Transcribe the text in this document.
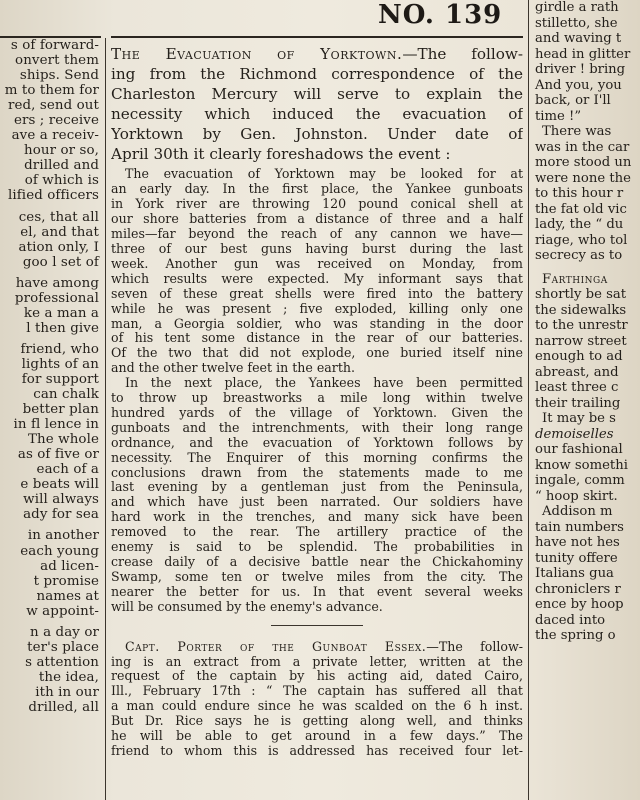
NO. 139
s of forward-
onvert them
ships. Send
m to them for
red, send out
ers ; receive
ave a receiv-
hour or so,
drilled and
of which is
lified officers
ces, that all
el, and that
ation only, I
goo l set of
have among
professional
ke a man a
l then give
friend, who
lights of an
for support
can chalk
better plan
in fl lence in
The whole
as of five or
each of a
e beats will
will always
ady for sea
in another
each young
ad licen-
t promise
names at
w appoint-
n a day or
ter's place
s attention
the idea,
ith in our
drilled, all
The Evacuation of Yorktown.—The follow-
ing from the Richmond correspondence of the
Charleston Mercury will serve to explain the
necessity which induced the evacuation of
Yorktown by Gen. Johnston. Under date of
April 30th it clearly foreshadows the event :
The evacuation of Yorktown may be looked for at
an early day. In the first place, the Yankee gunboats
in York river are throwing 120 pound conical shell at
our shore batteries from a distance of three and a half
miles—far beyond the reach of any cannon we have—
three of our best guns having burst during the last
week. Another gun was received on Monday, from
which results were expected. My informant says that
seven of these great shells were fired into the battery
while he was present ; five exploded, killing only one
man, a Georgia soldier, who was standing in the door
of his tent some distance in the rear of our batteries.
Of the two that did not explode, one buried itself nine
and the other twelve feet in the earth.
In the next place, the Yankees have been permitted
to throw up breastworks a mile long within twelve
hundred yards of the village of Yorktown. Given the
gunboats and the intrenchments, with their long range
ordnance, and the evacuation of Yorktown follows by
necessity. The Enquirer of this morning confirms the
conclusions drawn from the statements made to me
last evening by a gentleman just from the Peninsula,
and which have just been narrated. Our soldiers have
hard work in the trenches, and many sick have been
removed to the rear. The artillery practice of the
enemy is said to be splendid. The probabilities in
crease daily of a decisive battle near the Chickahominy
Swamp, some ten or twelve miles from the city. The
nearer the better for us. In that event several weeks
will be consumed by the enemy's advance.
Capt. Porter of the Gunboat Essex.—The follow-
ing is an extract from a private letter, written at the
request of the captain by his acting aid, dated Cairo,
Ill., February 17th : “ The captain has suffered all that
a man could endure since he was scalded on the 6 h inst.
But Dr. Rice says he is getting along well, and thinks
he will be able to get around in a few days.” The
friend to whom this is addressed has received four let-
girdle a rath
stilletto, she
and waving t
head in glitter
driver ! bring
And you, you
back, or I'll
time !”
There was
was in the car
more stood un
were none the
to this hour r
the fat old vic
lady, the “ du
riage, who tol
secrecy as to
Farthinga
shortly be sat
the sidewalks
to the unrestr
narrow street
enough to ad
abreast, and
least three c
their trailing
It may be s
demoiselles
our fashional
know somethi
ingale, comm
“ hoop skirt.
Addison m
tain numbers
have not hes
tunity offere
Italians gua
chroniclers r
ence by hoop
daced into
the spring o
